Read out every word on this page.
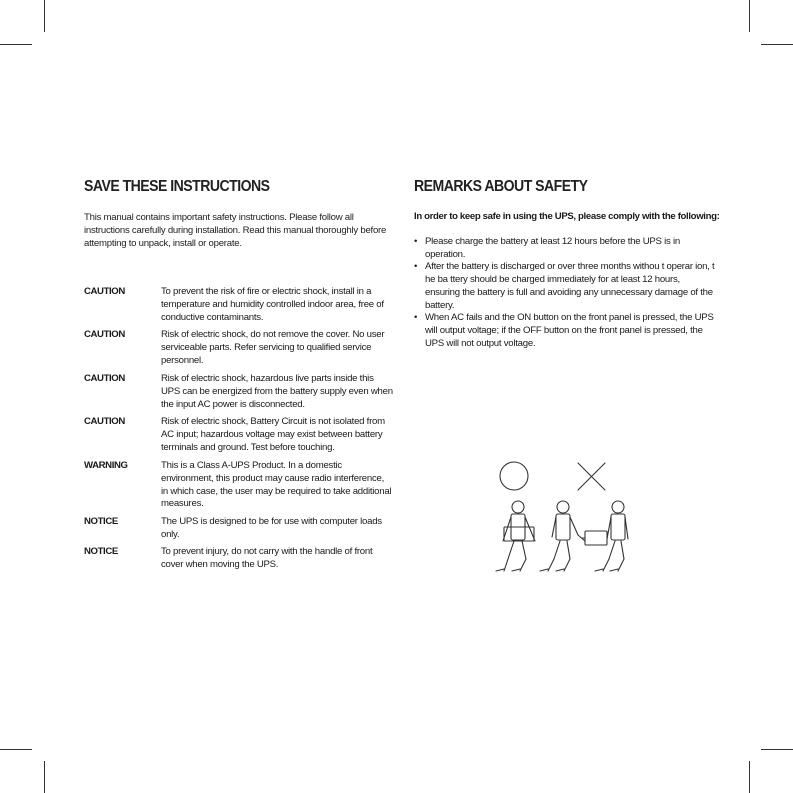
SAVE THESE INSTRUCTIONS
This manual contains important safety instructions. Please follow all instructions carefully during installation. Read this manual thoroughly before attempting to unpack, install or operate.
CAUTION	To prevent the risk of fire or electric shock, install in a temperature and humidity controlled indoor area, free of conductive contaminants.
CAUTION	Risk of electric shock, do not remove the cover. No user serviceable parts. Refer servicing to qualified service personnel.
CAUTION	Risk of electric shock, hazardous live parts inside this UPS can be energized from the battery supply even when the input AC power is disconnected.
CAUTION	Risk of electric shock, Battery Circuit is not isolated from AC input; hazardous voltage may exist between battery terminals and ground. Test before touching.
WARNING	This is a Class A-UPS Product. In a domestic environment, this product may cause radio interference, in which case, the user may be required to take additional measures.
NOTICE	The UPS is designed to be for use with computer loads only.
NOTICE	To prevent injury, do not carry with the handle of front cover when moving the UPS.
REMARKS ABOUT SAFETY
In order to keep safe in using the UPS, please comply with the following:
• Please charge the battery at least 12 hours before the UPS is in operation.
• After the battery is discharged or over three months withou t operar ion, t he ba ttery should be charged immediately for at least 12 hours, ensuring the battery is full and avoiding any unnecessary damage of the battery.
• When AC fails and the ON button on the front panel is pressed, the UPS will output voltage; if the OFF button on the front panel is pressed, the UPS will not output voltage.
